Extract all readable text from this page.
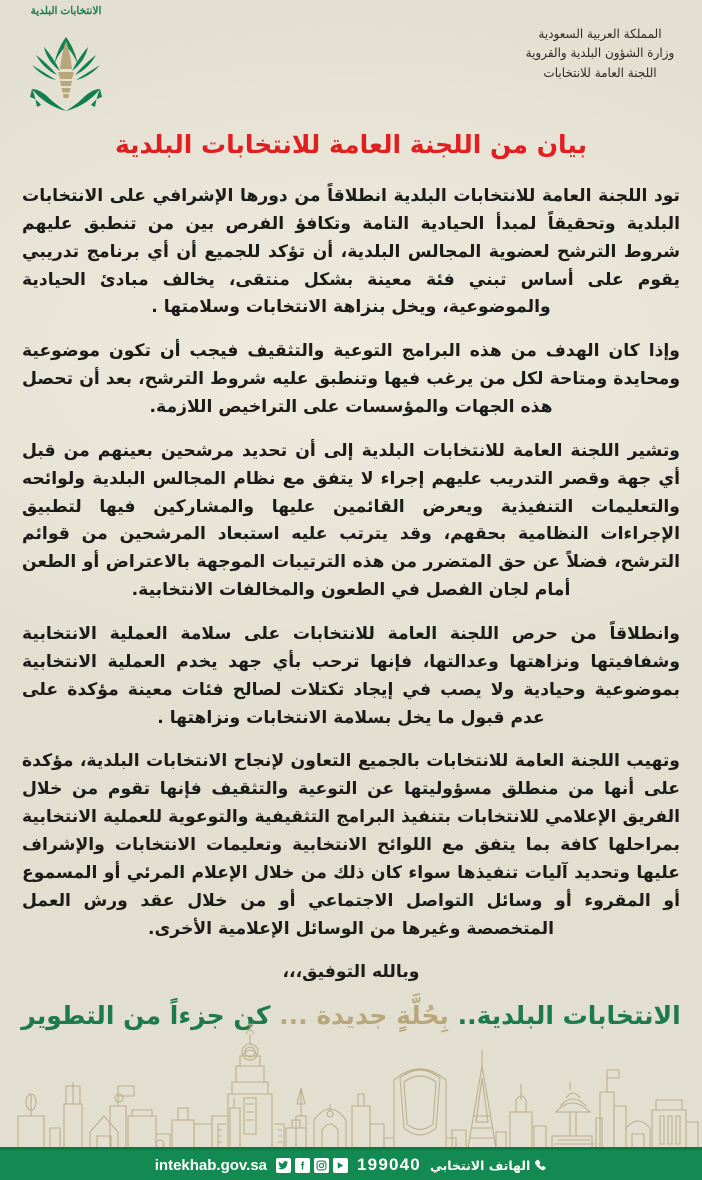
المملكة العربية السعودية
وزارة الشؤون البلدية والقروية
اللجنة العامة للانتخابات
الانتخابات البلدية
بيان من اللجنة العامة للانتخابات البلدية

تود اللجنة العامة للانتخابات البلدية انطلاقاً من دورها الإشرافي على الانتخابات البلدية وتحقيقاً لمبدأ الحيادية التامة وتكافؤ الفرص بين من تنطبق عليهم شروط الترشح لعضوية المجالس البلدية، أن تؤكد للجميع أن أي برنامج تدريبي يقوم على أساس تبني فئة معينة بشكل منتقى، يخالف مبادئ الحيادية والموضوعية، ويخل بنزاهة الانتخابات وسلامتها .

وإذا كان الهدف من هذه البرامج التوعية والتثقيف فيجب أن تكون موضوعية ومحايدة ومتاحة لكل من يرغب فيها وتنطبق عليه شروط الترشح، بعد أن تحصل هذه الجهات والمؤسسات على التراخيص اللازمة.

وتشير اللجنة العامة للانتخابات البلدية إلى أن تحديد مرشحين بعينهم من قبل أي جهة وقصر التدريب عليهم إجراء لا يتفق مع نظام المجالس البلدية ولوائحه والتعليمات التنفيذية ويعرض القائمين عليها والمشاركين فيها لتطبيق الإجراءات النظامية بحقهم، وقد يترتب عليه استبعاد المرشحين من قوائم الترشح، فضلاً عن حق المتضرر من هذه الترتيبات الموجهة بالاعتراض أو الطعن أمام لجان الفصل في الطعون والمخالفات الانتخابية.

وانطلاقاً من حرص اللجنة العامة للانتخابات على سلامة العملية الانتخابية وشفافيتها ونزاهتها وعدالتها، فإنها ترحب بأي جهد يخدم العملية الانتخابية بموضوعية وحيادية ولا يصب في إيجاد تكتلات لصالح فئات معينة مؤكدة على عدم قبول ما يخل بسلامة الانتخابات ونزاهتها .

وتهيب اللجنة العامة للانتخابات بالجميع التعاون لإنجاح الانتخابات البلدية، مؤكدة على أنها من منطلق مسؤوليتها عن التوعية والتثقيف فإنها تقوم من خلال الفريق الإعلامي للانتخابات بتنفيذ البرامج التثقيفية والتوعوية للعملية الانتخابية بمراحلها كافة بما يتفق مع اللوائح الانتخابية وتعليمات الانتخابات والإشراف عليها وتحديد آليات تنفيذها سواء كان ذلك من خلال الإعلام المرئي أو المسموع أو المقروء أو وسائل التواصل الاجتماعي أو من خلال عقد ورش العمل المتخصصة وغيرها من الوسائل الإعلامية الأخرى.

وبالله التوفيق،،،

الانتخابات البلدية.. بِحُلَّةٍ جديدة ... كن جزءاً من التطوير
الهاتف الانتخابي
199040
intekhab.gov.sa
